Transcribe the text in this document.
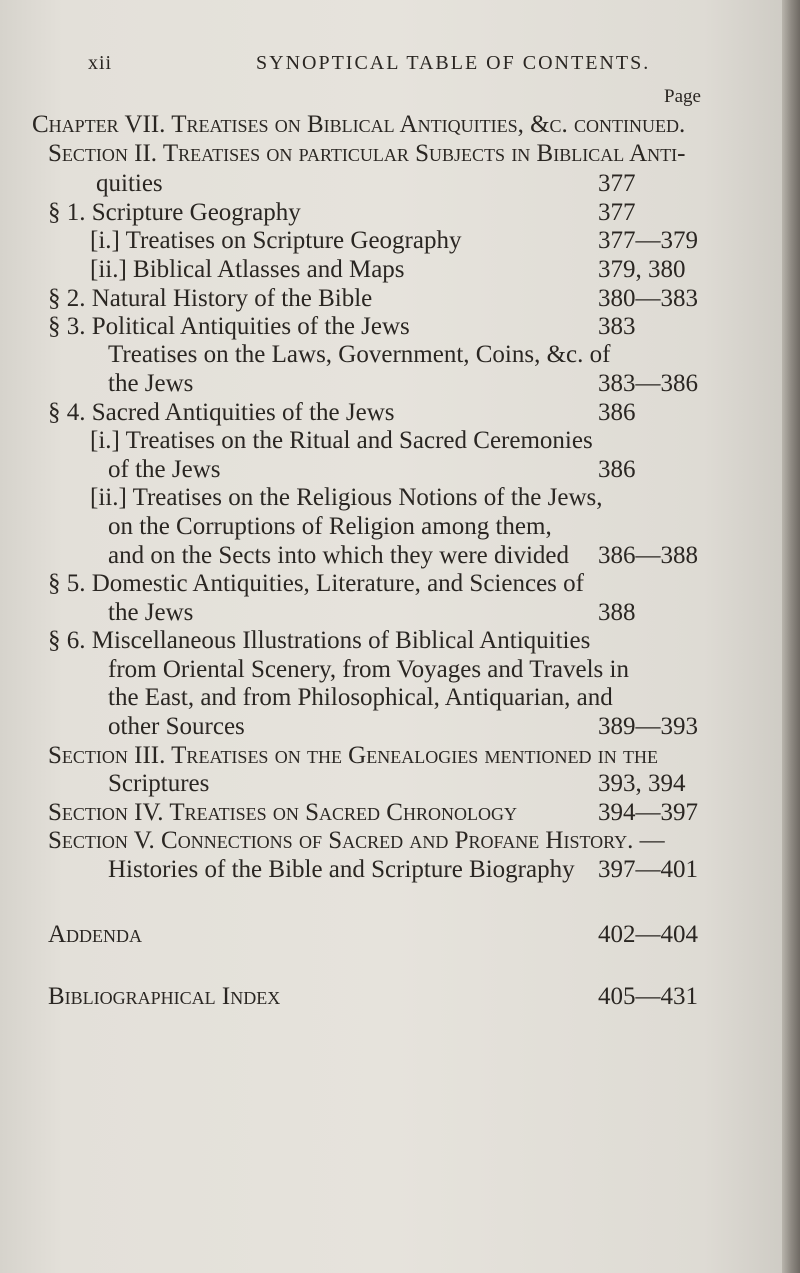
xii	SYNOPTICAL TABLE OF CONTENTS.
Page
Chapter VII. Treatises on Biblical Antiquities, &c. continued.
Section II. Treatises on particular Subjects in Biblical Anti-
quities	377
§ 1. Scripture Geography	377
[i.] Treatises on Scripture Geography	377—379
[ii.] Biblical Atlasses and Maps	379, 380
§ 2. Natural History of the Bible	380—383
§ 3. Political Antiquities of the Jews	383
Treatises on the Laws, Government, Coins, &c. of
the Jews	383—386
§ 4. Sacred Antiquities of the Jews	386
[i.] Treatises on the Ritual and Sacred Ceremonies
of the Jews	386
[ii.] Treatises on the Religious Notions of the Jews,
on the Corruptions of Religion among them,
and on the Sects into which they were divided 386—388
§ 5. Domestic Antiquities, Literature, and Sciences of
the Jews	388
§ 6. Miscellaneous Illustrations of Biblical Antiquities
from Oriental Scenery, from Voyages and Travels in
the East, and from Philosophical, Antiquarian, and
other Sources	389—393
Section III. Treatises on the Genealogies mentioned in the
Scriptures	393, 394
Section IV. Treatises on Sacred Chronology	394—397
Section V. Connections of Sacred and Profane History. —
Histories of the Bible and Scripture Biography 397—401
Addenda	402—404
Bibliographical Index	405—431
